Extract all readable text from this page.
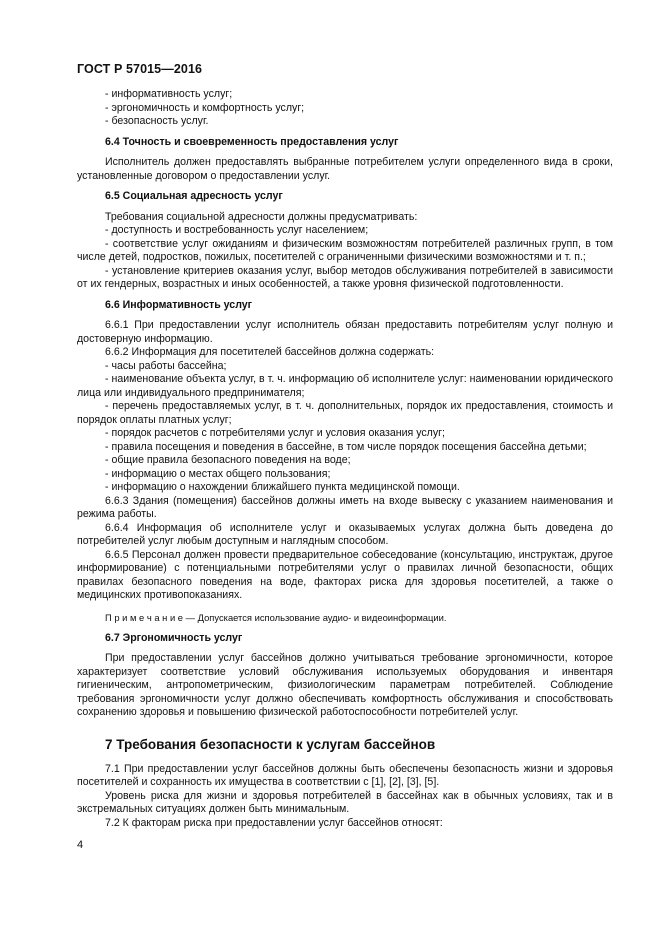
ГОСТ Р 57015—2016

- информативность услуг;

- эргономичность и комфортность услуг;

- безопасность услуг.

6.4 Точность и своевременность предоставления услуг

Исполнитель должен предоставлять выбранные потребителем услуги определенного вида в сроки, установленные договором о предоставлении услуг.

6.5 Социальная адресность услуг

Требования социальной адресности должны предусматривать:

- доступность и востребованность услуг населением;

- соответствие услуг ожиданиям и физическим возможностям потребителей различных групп, в том числе детей, подростков, пожилых, посетителей с ограниченными физическими возможностями и т. п.;

- установление критериев оказания услуг, выбор методов обслуживания потребителей в зависимости от их гендерных, возрастных и иных особенностей, а также уровня физической подготовленности.

6.6 Информативность услуг

6.6.1 При предоставлении услуг исполнитель обязан предоставить потребителям услуг полную и достоверную информацию.

6.6.2 Информация для посетителей бассейнов должна содержать:

- часы работы бассейна;

- наименование объекта услуг, в т. ч. информацию об исполнителе услуг: наименовании юридического лица или индивидуального предпринимателя;

- перечень предоставляемых услуг, в т. ч. дополнительных, порядок их предоставления, стоимость и порядок оплаты платных услуг;

- порядок расчетов с потребителями услуг и условия оказания услуг;

- правила посещения и поведения в бассейне, в том числе порядок посещения бассейна детьми;

- общие правила безопасного поведения на воде;

- информацию о местах общего пользования;

- информацию о нахождении ближайшего пункта медицинской помощи.

6.6.3 Здания (помещения) бассейнов должны иметь на входе вывеску с указанием наименования и режима работы.

6.6.4 Информация об исполнителе услуг и оказываемых услугах должна быть доведена до потребителей услуг любым доступным и наглядным способом.

6.6.5 Персонал должен провести предварительное собеседование (консультацию, инструктаж, другое информирование) с потенциальными потребителями услуг о правилах личной безопасности, общих правилах безопасного поведения на воде, факторах риска для здоровья посетителей, а также о медицинских противопоказаниях.

П р и м е ч а н и е — Допускается использование аудио- и видеоинформации.

6.7 Эргономичность услуг

При предоставлении услуг бассейнов должно учитываться требование эргономичности, которое характеризует соответствие условий обслуживания используемых оборудования и инвентаря гигиеническим, антропометрическим, физиологическим параметрам потребителей. Соблюдение требования эргономичности услуг должно обеспечивать комфортность обслуживания и способствовать сохранению здоровья и повышению физической работоспособности потребителей услуг.

7 Требования безопасности к услугам бассейнов

7.1 При предоставлении услуг бассейнов должны быть обеспечены безопасность жизни и здоровья посетителей и сохранность их имущества в соответствии с [1], [2], [3], [5].

Уровень риска для жизни и здоровья потребителей в бассейнах как в обычных условиях, так и в экстремальных ситуациях должен быть минимальным.

7.2 К факторам риска при предоставлении услуг бассейнов относят:

4
